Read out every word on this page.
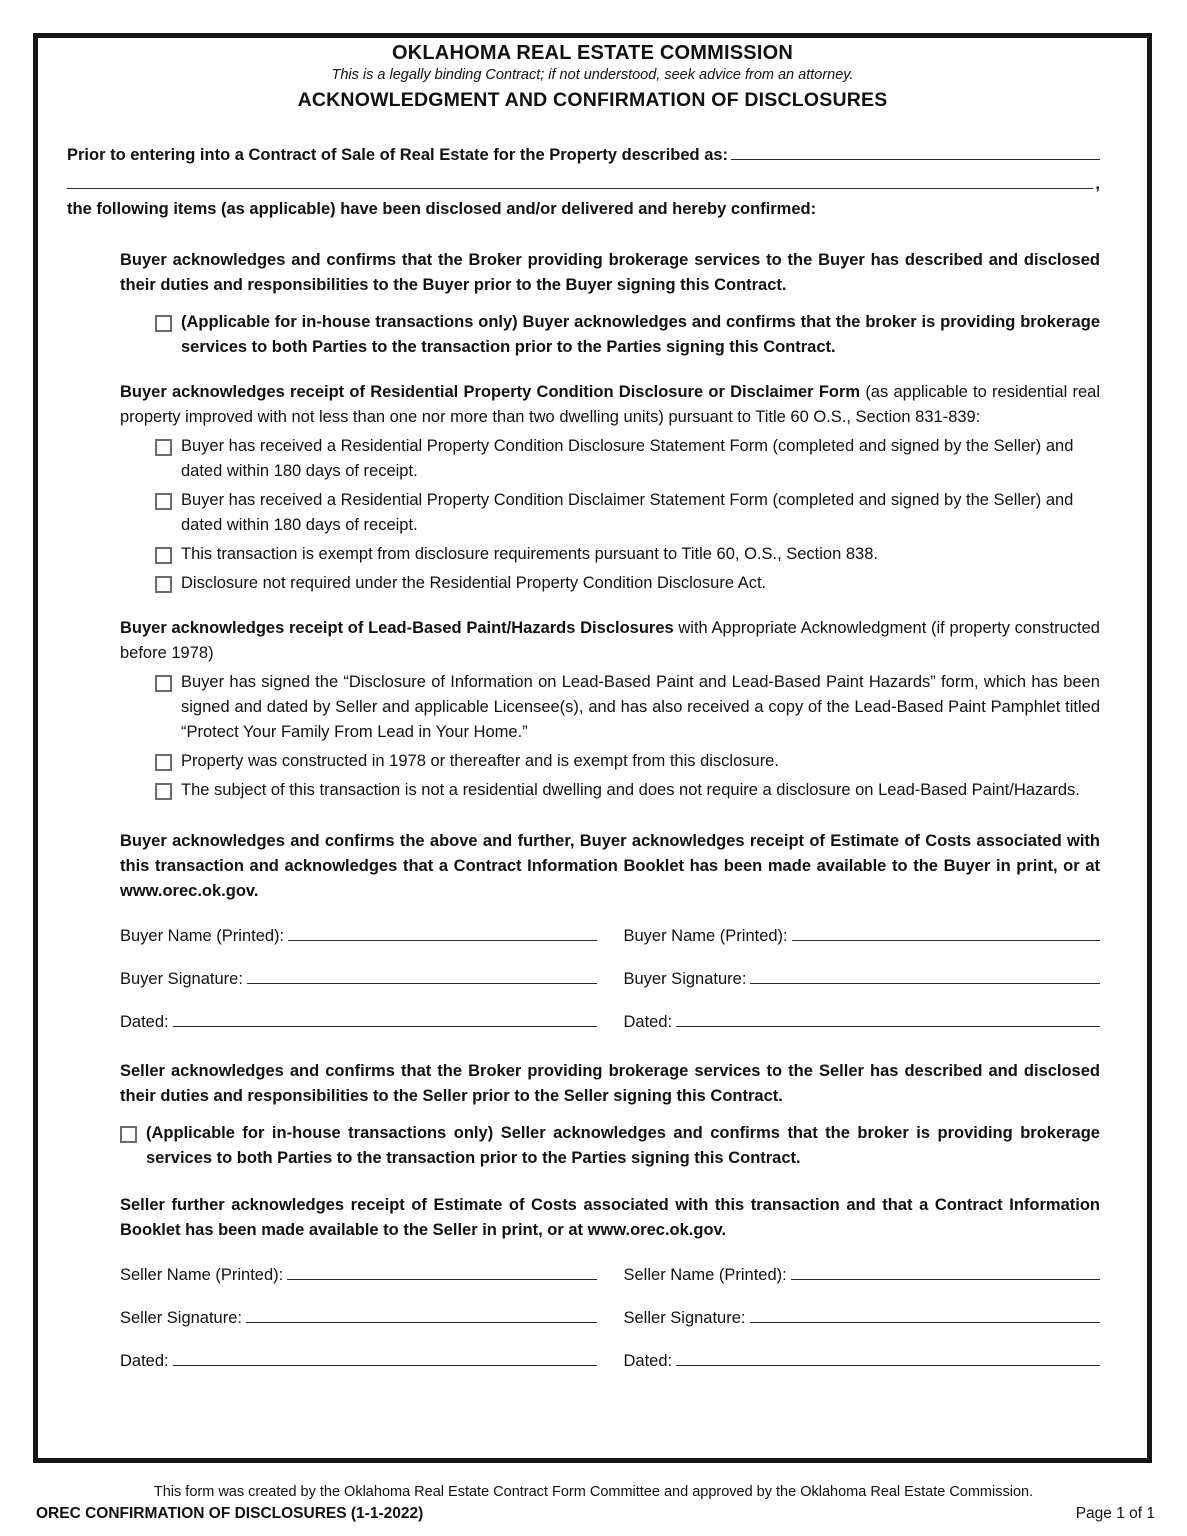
OKLAHOMA REAL ESTATE COMMISSION
This is a legally binding Contract; if not understood, seek advice from an attorney.
ACKNOWLEDGMENT AND CONFIRMATION OF DISCLOSURES
Prior to entering into a Contract of Sale of Real Estate for the Property described as:
,
the following items (as applicable) have been disclosed and/or delivered and hereby confirmed:

Buyer acknowledges and confirms that the Broker providing brokerage services to the Buyer has described and disclosed their duties and responsibilities to the Buyer prior to the Buyer signing this Contract.

(Applicable for in-house transactions only) Buyer acknowledges and confirms that the broker is providing brokerage services to both Parties to the transaction prior to the Parties signing this Contract.

Buyer acknowledges receipt of Residential Property Condition Disclosure or Disclaimer Form (as applicable to residential real property improved with not less than one nor more than two dwelling units) pursuant to Title 60 O.S., Section 831-839:

Buyer has received a Residential Property Condition Disclosure Statement Form (completed and signed by the Seller) and dated within 180 days of receipt.
Buyer has received a Residential Property Condition Disclaimer Statement Form (completed and signed by the Seller) and dated within 180 days of receipt.
This transaction is exempt from disclosure requirements pursuant to Title 60, O.S., Section 838.
Disclosure not required under the Residential Property Condition Disclosure Act.

Buyer acknowledges receipt of Lead-Based Paint/Hazards Disclosures with Appropriate Acknowledgment (if property constructed before 1978)

Buyer has signed the “Disclosure of Information on Lead-Based Paint and Lead-Based Paint Hazards” form, which has been signed and dated by Seller and applicable Licensee(s), and has also received a copy of the Lead-Based Paint Pamphlet titled “Protect Your Family From Lead in Your Home.”
Property was constructed in 1978 or thereafter and is exempt from this disclosure.
The subject of this transaction is not a residential dwelling and does not require a disclosure on Lead-Based Paint/Hazards.

Buyer acknowledges and confirms the above and further, Buyer acknowledges receipt of Estimate of Costs associated with this transaction and acknowledges that a Contract Information Booklet has been made available to the Buyer in print, or at www.orec.ok.gov.

Buyer Name (Printed):	Buyer Name (Printed):
Buyer Signature:	Buyer Signature:
Dated:	Dated:

Seller acknowledges and confirms that the Broker providing brokerage services to the Seller has described and disclosed their duties and responsibilities to the Seller prior to the Seller signing this Contract.

(Applicable for in-house transactions only) Seller acknowledges and confirms that the broker is providing brokerage services to both Parties to the transaction prior to the Parties signing this Contract.

Seller further acknowledges receipt of Estimate of Costs associated with this transaction and that a Contract Information Booklet has been made available to the Seller in print, or at www.orec.ok.gov.

Seller Name (Printed):	Seller Name (Printed):
Seller Signature:	Seller Signature:
Dated:	Dated:
This form was created by the Oklahoma Real Estate Contract Form Committee and approved by the Oklahoma Real Estate Commission.
OREC CONFIRMATION OF DISCLOSURES (1-1-2022)	Page 1 of 1
